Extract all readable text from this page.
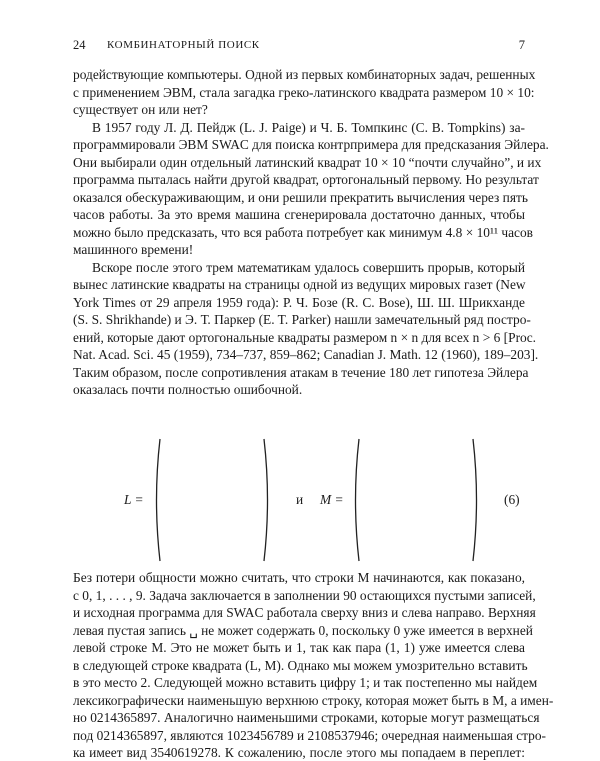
24 КОМБИНАТОРНЫЙ ПОИСК	7
родействующие компьютеры. Одной из первых комбинаторных задач, решенных
с применением ЭВМ, стала загадка греко-латинского квадрата размером 10 × 10:
существует он или нет?
В 1957 году Л. Д. Пейдж (L. J. Paige) и Ч. Б. Томпкинс (C. B. Tompkins) за-
программировали ЭВМ SWAC для поиска контрпримера для предсказания Эйлера.
Они выбирали один отдельный латинский квадрат 10 × 10 “почти случайно”, и их
программа пыталась найти другой квадрат, ортогональный первому. Но результат
оказался обескураживающим, и они решили прекратить вычисления через пять
часов работы. За это время машина сгенерировала достаточно данных, чтобы
можно было предсказать, что вся работа потребует как минимум 4.8 × 10¹¹ часов
машинного времени!
Вскоре после этого трем математикам удалось совершить прорыв, который
вынес латинские квадраты на страницы одной из ведущих мировых газет (New
York Times от 29 апреля 1959 года): Р. Ч. Бозе (R. C. Bose), Ш. Ш. Шрикханде
(S. S. Shrikhande) и Э. Т. Паркер (E. T. Parker) нашли замечательный ряд постро-
ений, которые дают ортогональные квадраты размером n × n для всех n > 6 [Proc.
Nat. Acad. Sci. 45 (1959), 734–737, 859–862; Canadian J. Math. 12 (1960), 189–203].
Таким образом, после сопротивления атакам в течение 180 лет гипотеза Эйлера
оказалась почти полностью ошибочной.
L =	и M =	(6)
Без потери общности можно считать, что строки M начинаются, как показано,
с 0, 1, . . . , 9. Задача заключается в заполнении 90 остающихся пустыми записей,
и исходная программа для SWAC работала сверху вниз и слева направо. Верхняя
левая пустая запись ␣ не может содержать 0, поскольку 0 уже имеется в верхней
левой строке M. Это не может быть и 1, так как пара (1, 1) уже имеется слева
в следующей строке квадрата (L, M). Однако мы можем умозрительно вставить
в это место 2. Следующей можно вставить цифру 1; и так постепенно мы найдем
лексикографически наименьшую верхнюю строку, которая может быть в M, а имен-
но 0214365897. Аналогично наименьшими строками, которые могут размещаться
под 0214365897, являются 1023456789 и 2108537946; очередная наименьшая стро-
ка имеет вид 3540619278. К сожалению, после этого мы попадаем в переплет:
